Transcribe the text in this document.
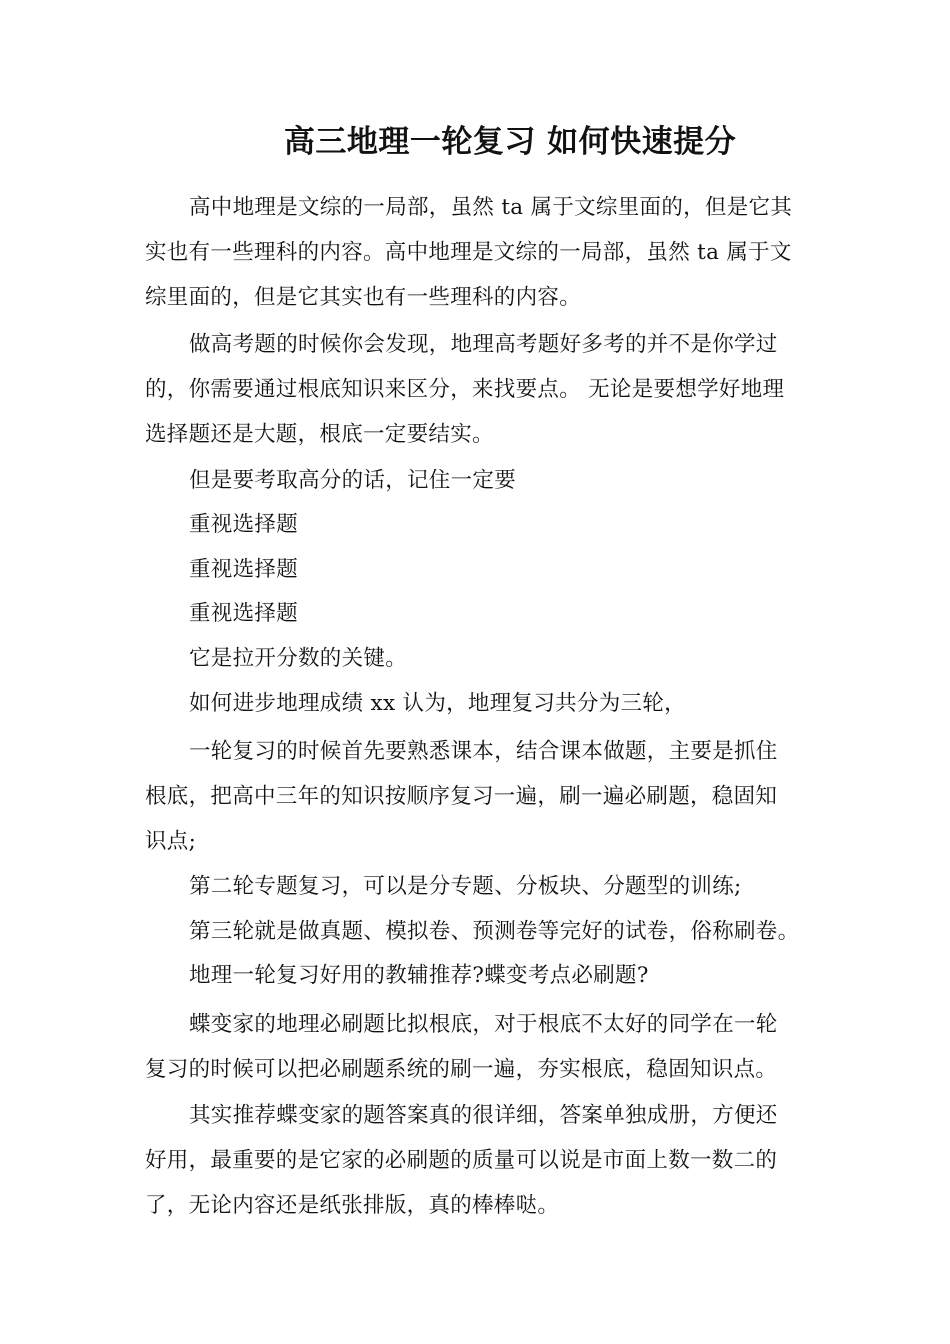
高三地理一轮复习 如何快速提分
高中地理是文综的一局部，虽然 ta 属于文综里面的，但是它其
实也有一些理科的内容。高中地理是文综的一局部，虽然 ta 属于文
综里面的，但是它其实也有一些理科的内容。
做高考题的时候你会发现，地理高考题好多考的并不是你学过
的，你需要通过根底知识来区分，来找要点。 无论是要想学好地理
选择题还是大题，根底一定要结实。
但是要考取高分的话，记住一定要
重视选择题
重视选择题
重视选择题
它是拉开分数的关键。
如何进步地理成绩 xx 认为，地理复习共分为三轮，
一轮复习的时候首先要熟悉课本，结合课本做题，主要是抓住
根底，把高中三年的知识按顺序复习一遍，刷一遍必刷题，稳固知
识点;
第二轮专题复习，可以是分专题、分板块、分题型的训练;
第三轮就是做真题、模拟卷、预测卷等完好的试卷，俗称刷卷。
地理一轮复习好用的教辅推荐?蝶变考点必刷题?
蝶变家的地理必刷题比拟根底，对于根底不太好的同学在一轮
复习的时候可以把必刷题系统的刷一遍，夯实根底，稳固知识点。
其实推荐蝶变家的题答案真的很详细，答案单独成册，方便还
好用，最重要的是它家的必刷题的质量可以说是市面上数一数二的
了，无论内容还是纸张排版，真的棒棒哒。
